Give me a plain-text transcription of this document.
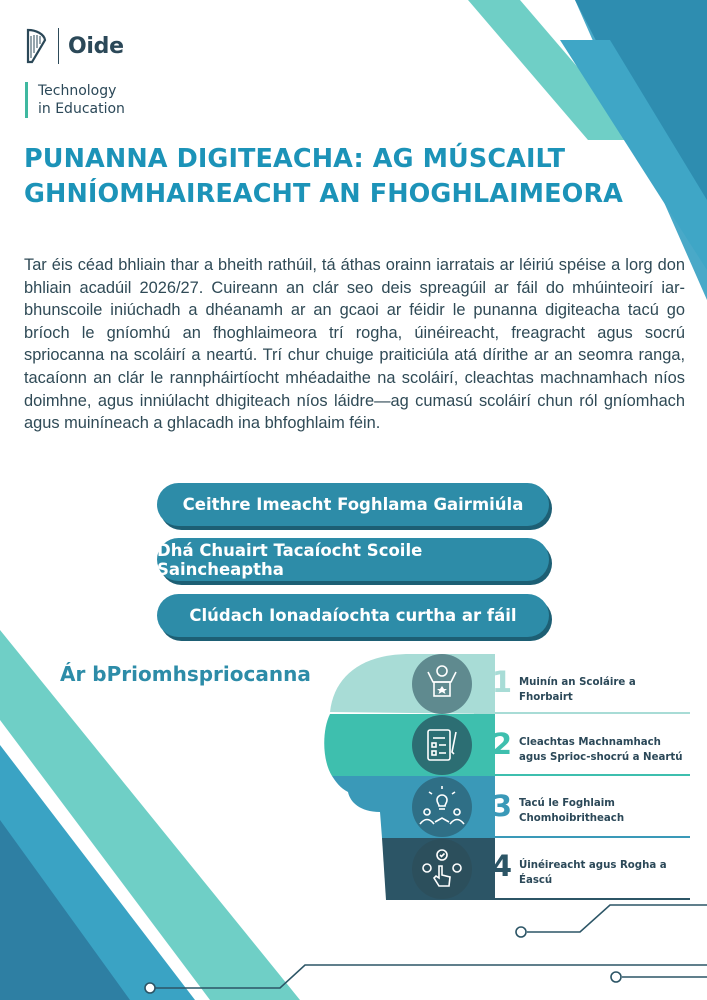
Oide
Technology
in Education
PUNANNA DIGITEACHA: AG MÚSCAILT
GHNÍOMHAIREACHT AN FHOGHLAIMEORA

Tar éis céad bhliain thar a bheith rathúil, tá áthas orainn iarratais ar léiriú spéise a lorg don bhliain acadúil 2026/27. Cuireann an clár seo deis spreagúil ar fáil do mhúinteoirí iar-bhunscoile iniúchadh a dhéanamh ar an gcaoi ar féidir le punanna digiteacha tacú go bríoch le gníomhú an fhoghlaimeora trí rogha, úinéireacht, freagracht agus socrú spriocanna na scoláirí a neartú. Trí chur chuige praiticiúla atá dírithe ar an seomra ranga, tacaíonn an clár le rannpháirtíocht mhéadaithe na scoláirí, cleachtas machnamhach níos doimhne, agus inniúlacht dhigiteach níos láidre—ag cumasú scoláirí chun ról gníomhach agus muiníneach a ghlacadh ina bhfoghlaim féin.

Ceithre Imeacht Foghlama Gairmiúla
Dhá Chuairt Tacaíocht Scoile Saincheaptha
Clúdach Ionadaíochta curtha ar fáil
Ár bPriomhspriocanna	1 Muinín an Scoláire a
Fhorbairt
2 Cleachtas Machnamhach
agus Sprioc-shocrú a Neartú
3 Tacú le Foghlaim
Chomhoibritheach
4 Úinéireacht agus Rogha a Éascú
